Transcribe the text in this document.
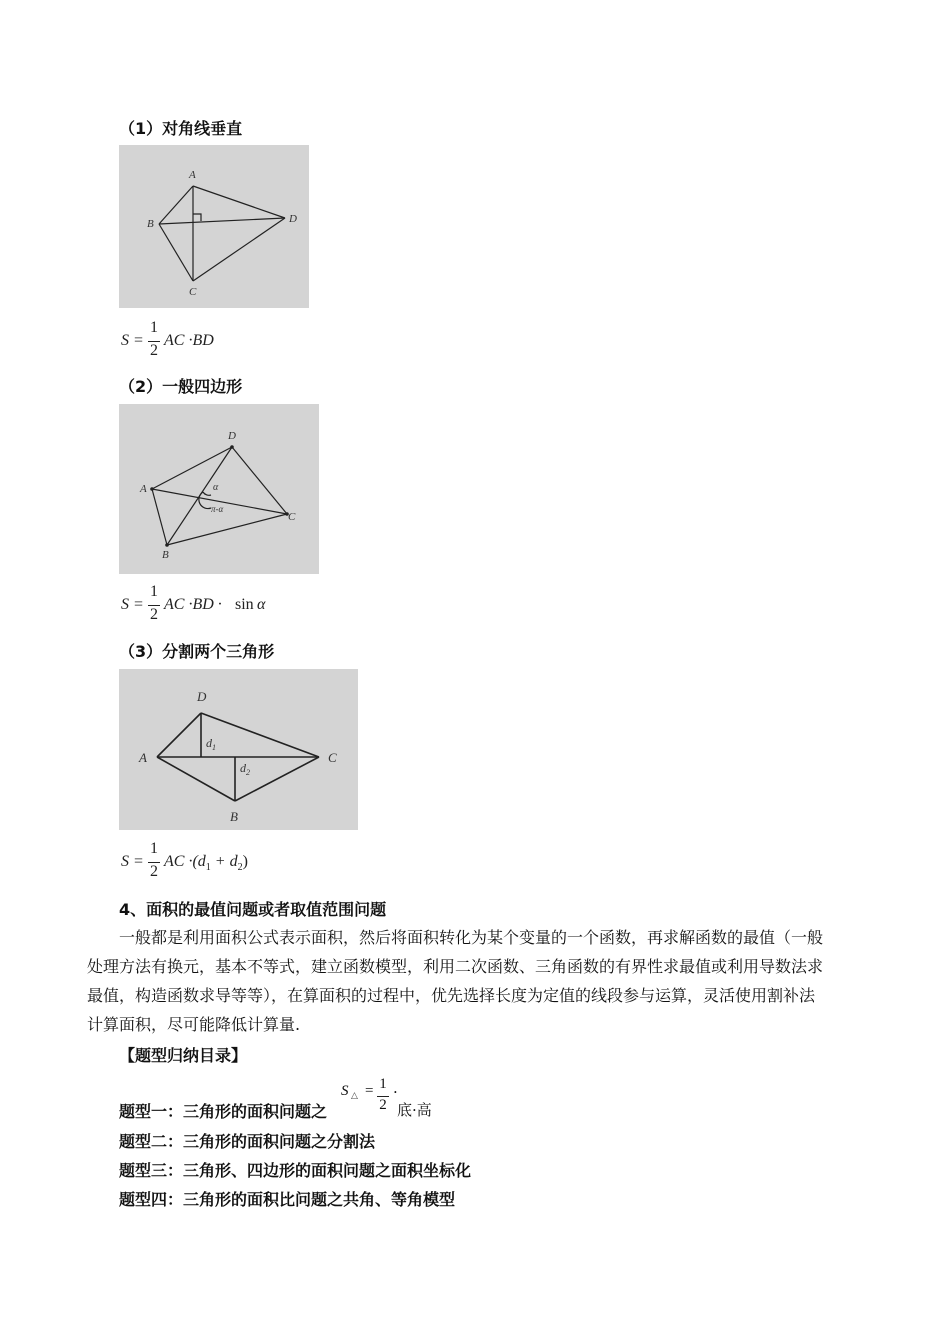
（1）对角线垂直
A
B
C
D
S =
1
2
AC ·BD
（2）一般四边形
A
D
C
B
α
π-α
S =
1
2
AC ·BD · sin α
（3）分割两个三角形
D
A	C
B
$d_1$
$d_2$
S =
1
2
AC $\cdot(d_1 + d_2)$
4、面积的最值问题或者取值范围问题
一般都是利用面积公式表示面积，然后将面积转化为某个变量的一个函数，再求解函数的最值（一般
处理方法有换元，基本不等式，建立函数模型，利用二次函数、三角函数的有界性求最值或利用导数法求
最值，构造函数求导等等），在算面积的过程中，优先选择长度为定值的线段参与运算，灵活使用割补法
计算面积，尽可能降低计算量.
【题型归纳目录】
题型一：三角形的面积问题之
S △ = 1
2
·
底·高
题型二：三角形的面积问题之分割法
题型三：三角形、四边形的面积问题之面积坐标化
题型四：三角形的面积比问题之共角、等角模型
